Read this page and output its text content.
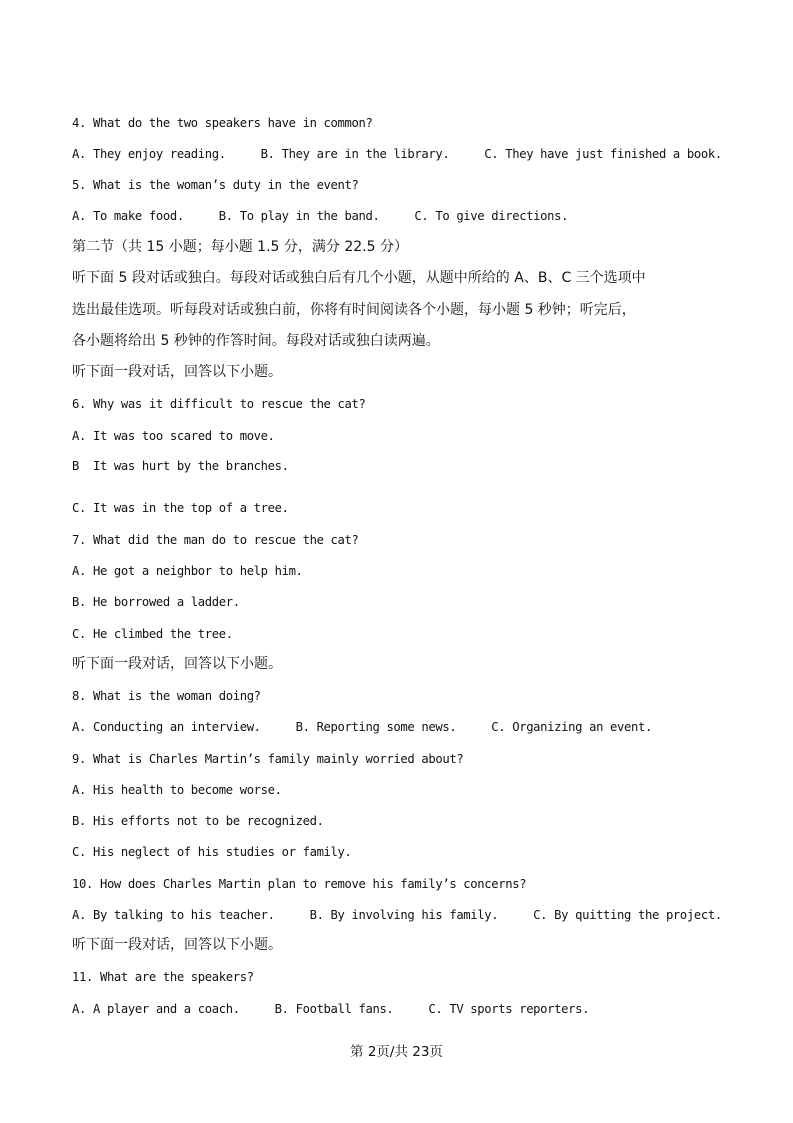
4. What do the two speakers have in common?
A. They enjoy reading.     B. They are in the library.     C. They have just finished a book.
5. What is the woman’s duty in the event?
A. To make food.     B. To play in the band.     C. To give directions.
第二节（共 15 小题；每小题 1.5 分，满分 22.5 分）
听下面 5 段对话或独白。每段对话或独白后有几个小题，从题中所给的 A、B、C 三个选项中
选出最佳选项。听每段对话或独白前，你将有时间阅读各个小题，每小题 5 秒钟；听完后，
各小题将给出 5 秒钟的作答时间。每段对话或独白读两遍。
听下面一段对话，回答以下小题。
6. Why was it difficult to rescue the cat?
A. It was too scared to move.
B  It was hurt by the branches.
C. It was in the top of a tree.
7. What did the man do to rescue the cat?
A. He got a neighbor to help him.
B. He borrowed a ladder.
C. He climbed the tree.
听下面一段对话，回答以下小题。
8. What is the woman doing?
A. Conducting an interview.     B. Reporting some news.     C. Organizing an event.
9. What is Charles Martin’s family mainly worried about?
A. His health to become worse.
B. His efforts not to be recognized.
C. His neglect of his studies or family.
10. How does Charles Martin plan to remove his family’s concerns?
A. By talking to his teacher.     B. By involving his family.     C. By quitting the project.
听下面一段对话，回答以下小题。
11. What are the speakers?
A. A player and a coach.     B. Football fans.     C. TV sports reporters.
第 2页/共 23页
